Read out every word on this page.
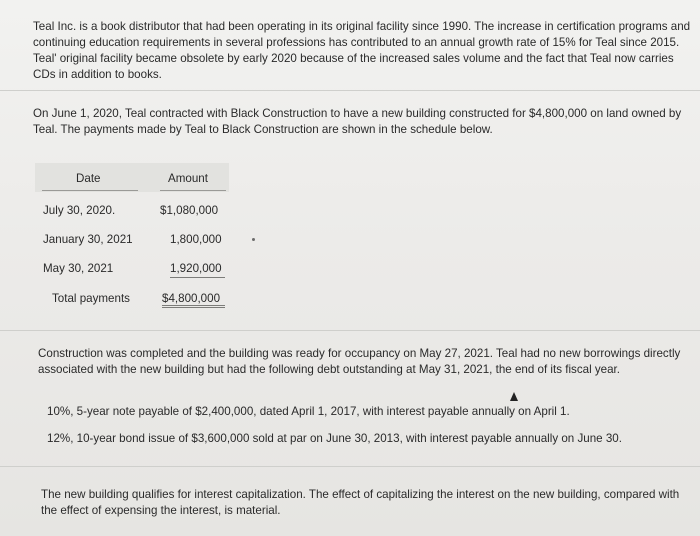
Teal Inc. is a book distributor that had been operating in its original facility since 1990. The increase in certification programs and continuing education requirements in several professions has contributed to an annual growth rate of 15% for Teal since 2015. Teal' original facility became obsolete by early 2020 because of the increased sales volume and the fact that Teal now carries CDs in addition to books.
On June 1, 2020, Teal contracted with Black Construction to have a new building constructed for $4,800,000 on land owned by Teal. The payments made by Teal to Black Construction are shown in the schedule below.
Date	Amount
July 30, 2020.	$1,080,000
January 30, 2021	1,800,000
May 30, 2021	1,920,000
Total payments	$4,800,000
Construction was completed and the building was ready for occupancy on May 27, 2021. Teal had no new borrowings directly associated with the new building but had the following debt outstanding at May 31, 2021, the end of its fiscal year.
10%, 5-year note payable of $2,400,000, dated April 1, 2017, with interest payable annually on April 1.
12%, 10-year bond issue of $3,600,000 sold at par on June 30, 2013, with interest payable annually on June 30.
The new building qualifies for interest capitalization. The effect of capitalizing the interest on the new building, compared with the effect of expensing the interest, is material.
